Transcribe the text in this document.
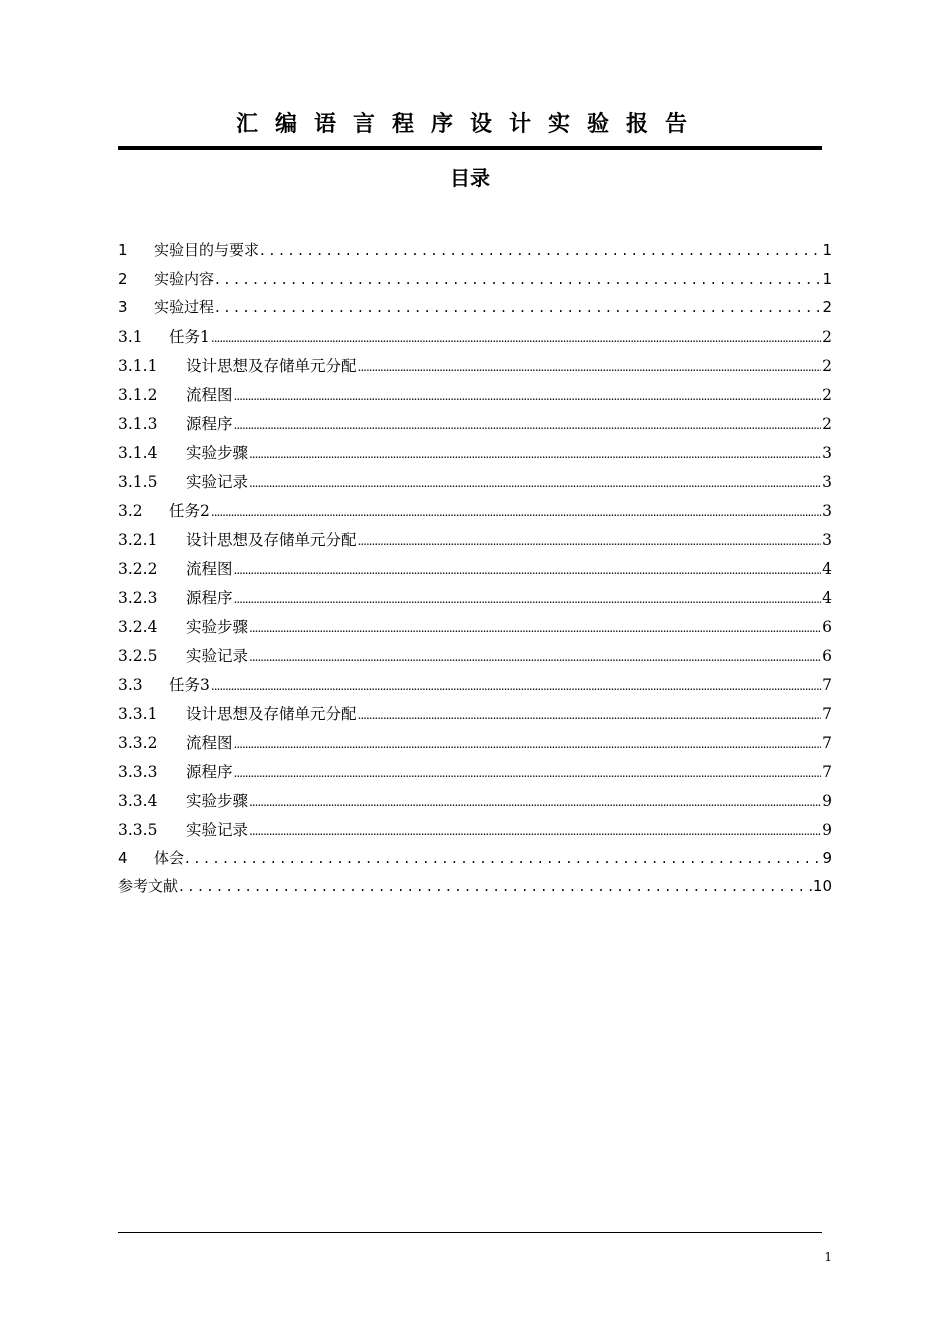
汇编语言程序设计实验报告
目录
1	实验目的与要求 . . .	1
2	实验内容 . . .	1
3	实验过程 . . .	2
3.1	任务1 .....	2
3.1.1	设计思想及存储单元分配 .....	2
3.1.2	流程图 .....	2
3.1.3	源程序 .....	2
3.1.4	实验步骤 .....	3
3.1.5	实验记录 .....	3
3.2	任务2 .....	3
3.2.1	设计思想及存储单元分配 .....	3
3.2.2	流程图 .....	4
3.2.3	源程序 .....	4
3.2.4	实验步骤 .....	6
3.2.5	实验记录 .....	6
3.3	任务3 .....	7
3.3.1	设计思想及存储单元分配 .....	7
3.3.2	流程图 .....	7
3.3.3	源程序 .....	7
3.3.4	实验步骤 .....	9
3.3.5	实验记录 .....	9
4	体会 . . .	9
参考文献 . . .	10
1
